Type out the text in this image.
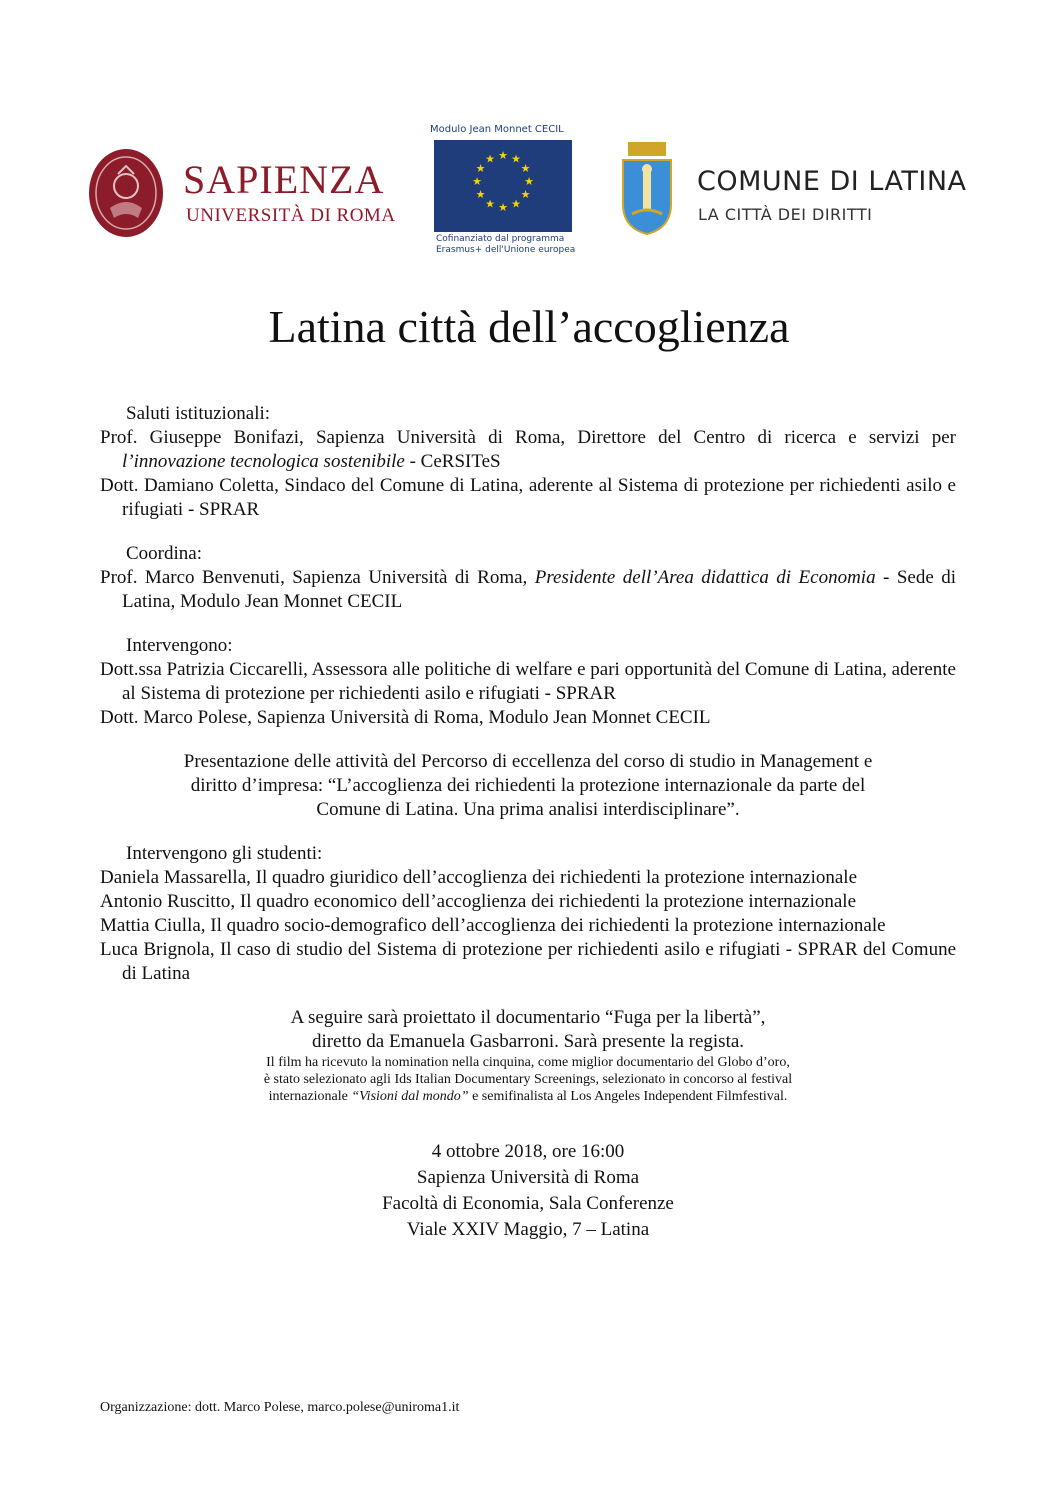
SAPIENZA
UNIVERSITÀ DI ROMA
Modulo Jean Monnet CECIL
★ ★
★
★
★
★
★
★
★
★
★
★
Cofinanziato dal programma
Erasmus+ dell'Unione europea
COMUNE DI LATINA
LA CITTÀ DEI DIRITTI
Latina città dell’accoglienza

Saluti istituzionali:

Prof. Giuseppe Bonifazi, Sapienza Università di Roma, Direttore del Centro di ricerca e servizi per l’innovazione tecnologica sostenibile - CeRSITeS

Dott. Damiano Coletta, Sindaco del Comune di Latina, aderente al Sistema di protezione per richiedenti asilo e rifugiati - SPRAR

Coordina:

Prof. Marco Benvenuti, Sapienza Università di Roma, Presidente dell’Area didattica di Economia - Sede di Latina, Modulo Jean Monnet CECIL

Intervengono:

Dott.ssa Patrizia Ciccarelli, Assessora alle politiche di welfare e pari opportunità del Comune di Latina, aderente al Sistema di protezione per richiedenti asilo e rifugiati - SPRAR

Dott. Marco Polese, Sapienza Università di Roma, Modulo Jean Monnet CECIL

Presentazione delle attività del Percorso di eccellenza del corso di studio in Management e

diritto d’impresa: “L’accoglienza dei richiedenti la protezione internazionale da parte del

Comune di Latina. Una prima analisi interdisciplinare”.

Intervengono gli studenti:

Daniela Massarella, Il quadro giuridico dell’accoglienza dei richiedenti la protezione internazionale

Antonio Ruscitto, Il quadro economico dell’accoglienza dei richiedenti la protezione internazionale

Mattia Ciulla, Il quadro socio-demografico dell’accoglienza dei richiedenti la protezione internazionale

Luca Brignola, Il caso di studio del Sistema di protezione per richiedenti asilo e rifugiati - SPRAR del Comune di Latina

A seguire sarà proiettato il documentario “Fuga per la libertà”,

diretto da Emanuela Gasbarroni. Sarà presente la regista.

Il film ha ricevuto la nomination nella cinquina, come miglior documentario del Globo d’oro,

è stato selezionato agli Ids Italian Documentary Screenings, selezionato in concorso al festival

internazionale “Visioni dal mondo” e semifinalista al Los Angeles Independent Filmfestival.

4 ottobre 2018, ore 16:00

Sapienza Università di Roma

Facoltà di Economia, Sala Conferenze

Viale XXIV Maggio, 7 – Latina

Organizzazione: dott. Marco Polese, marco.polese@uniroma1.it
